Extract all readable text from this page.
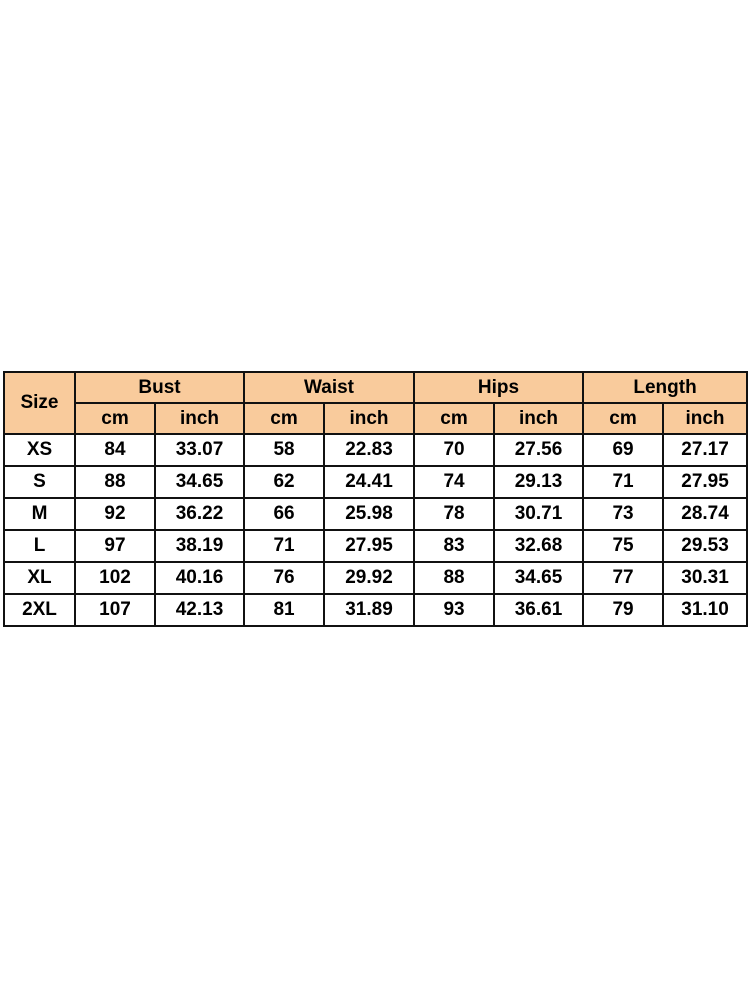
Size	Bust		Waist		Hips		Length	
	cm	inch	cm	inch	cm	inch	cm	inch
XS	84	33.07	58	22.83	70	27.56	69	27.17
S	88	34.65	62	24.41	74	29.13	71	27.95
M	92	36.22	66	25.98	78	30.71	73	28.74
L	97	38.19	71	27.95	83	32.68	75	29.53
XL	102	40.16	76	29.92	88	34.65	77	30.31
2XL	107	42.13	81	31.89	93	36.61	79	31.10
